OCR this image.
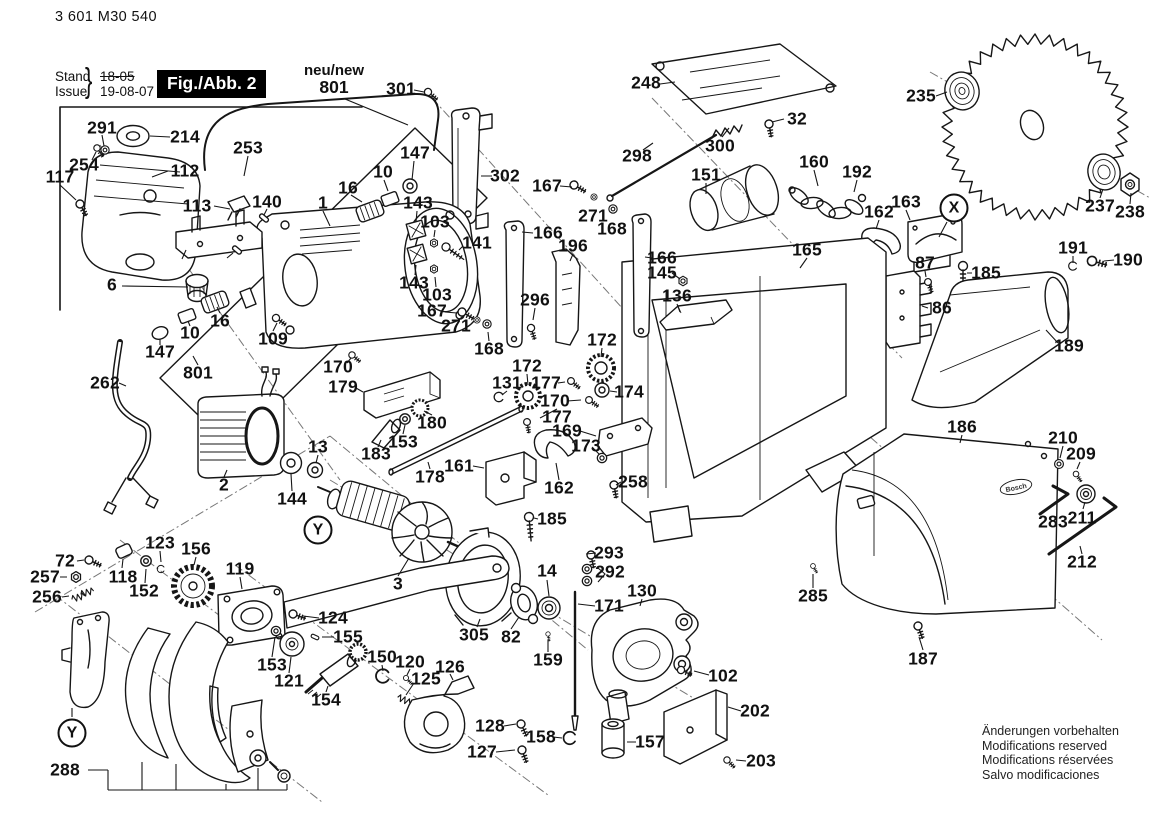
Bosch
3 601 M30 540
Stand
Issue
} 18-05
19-08-07 Fig./Abb. 2
neu/new
801	301
291	214
253
112
117
254
147
10
16
1	143
103
113 140
302 167
271
168
298	300
32
151
160 192
248
235
237 238
162
163
141 166
196
143
103
166
145
136
296
165
87 185
86
191
190
189
167
271
168
109
6
10
16
147
801
262
170
179
172
172
131 177
170
177
174
169
173
180
153
183
178
161
162	258
2
144
13
185
186
210
209
283 211
212
285
187
123 156
72
257	118
152
256
119
3
305 82
14
293
292
171
130
159
124
155
153
121
150
120
125
126
154
128
127
158	157
202
203
102
288
X
Y
Y	Änderungen vorbehalten
Modifications reserved
Modifications réservées
Salvo modificaciones
